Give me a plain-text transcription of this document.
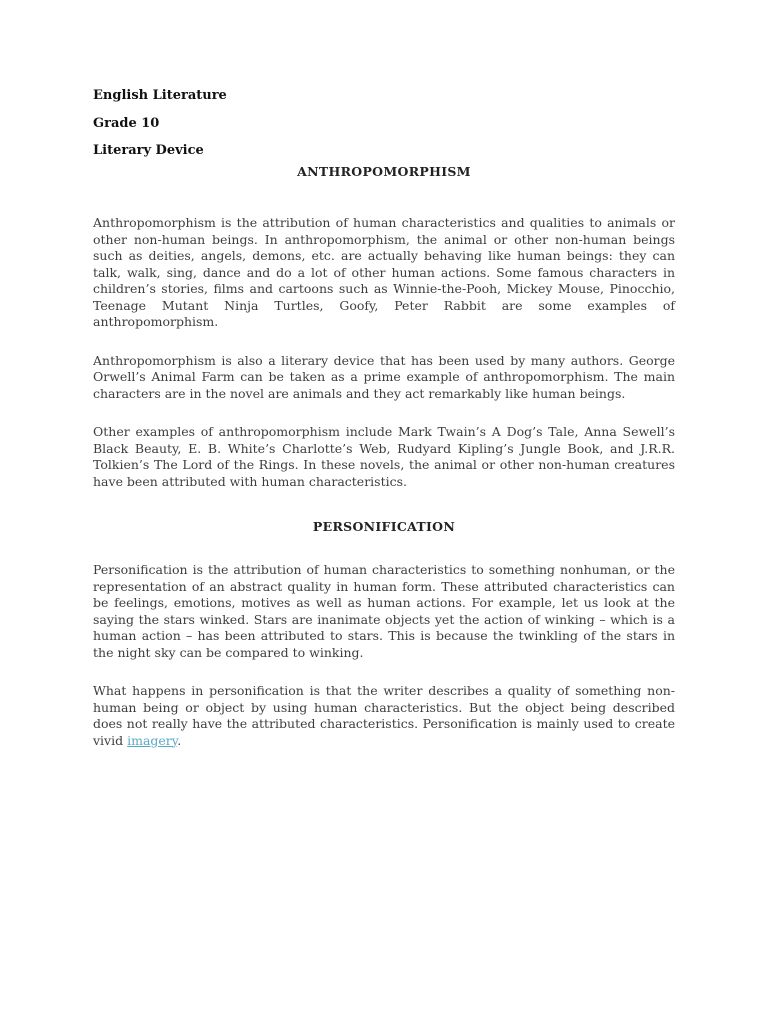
English Literature

Grade 10

Literary Device

ANTHROPOMORPHISM

Anthropomorphism is the attribution of human characteristics and qualities to animals or other non-human beings. In anthropomorphism, the animal or other non-human beings such as deities, angels, demons, etc. are actually behaving like human beings: they can talk, walk, sing, dance and do a lot of other human actions. Some famous characters in children’s stories, films and cartoons such as Winnie-the-Pooh, Mickey Mouse, Pinocchio, Teenage Mutant Ninja Turtles, Goofy, Peter Rabbit are some examples of anthropomorphism.

Anthropomorphism is also a literary device that has been used by many authors. George Orwell’s Animal Farm can be taken as a prime example of anthropomorphism. The main characters are in the novel are animals and they act remarkably like human beings.

Other examples of anthropomorphism include Mark Twain’s A Dog’s Tale, Anna Sewell’s Black Beauty, E. B. White’s Charlotte’s Web, Rudyard Kipling’s Jungle Book, and J.R.R. Tolkien’s The Lord of the Rings. In these novels, the animal or other non-human creatures have been attributed with human characteristics.

PERSONIFICATION

Personification is the attribution of human characteristics to something nonhuman, or the representation of an abstract quality in human form. These attributed characteristics can be feelings, emotions, motives as well as human actions. For example, let us look at the saying the stars winked. Stars are inanimate objects yet the action of winking – which is a human action – has been attributed to stars. This is because the twinkling of the stars in the night sky can be compared to winking.

What happens in personification is that the writer describes a quality of something non-human being or object by using human characteristics. But the object being described does not really have the attributed characteristics. Personification is mainly used to create vivid imagery.
